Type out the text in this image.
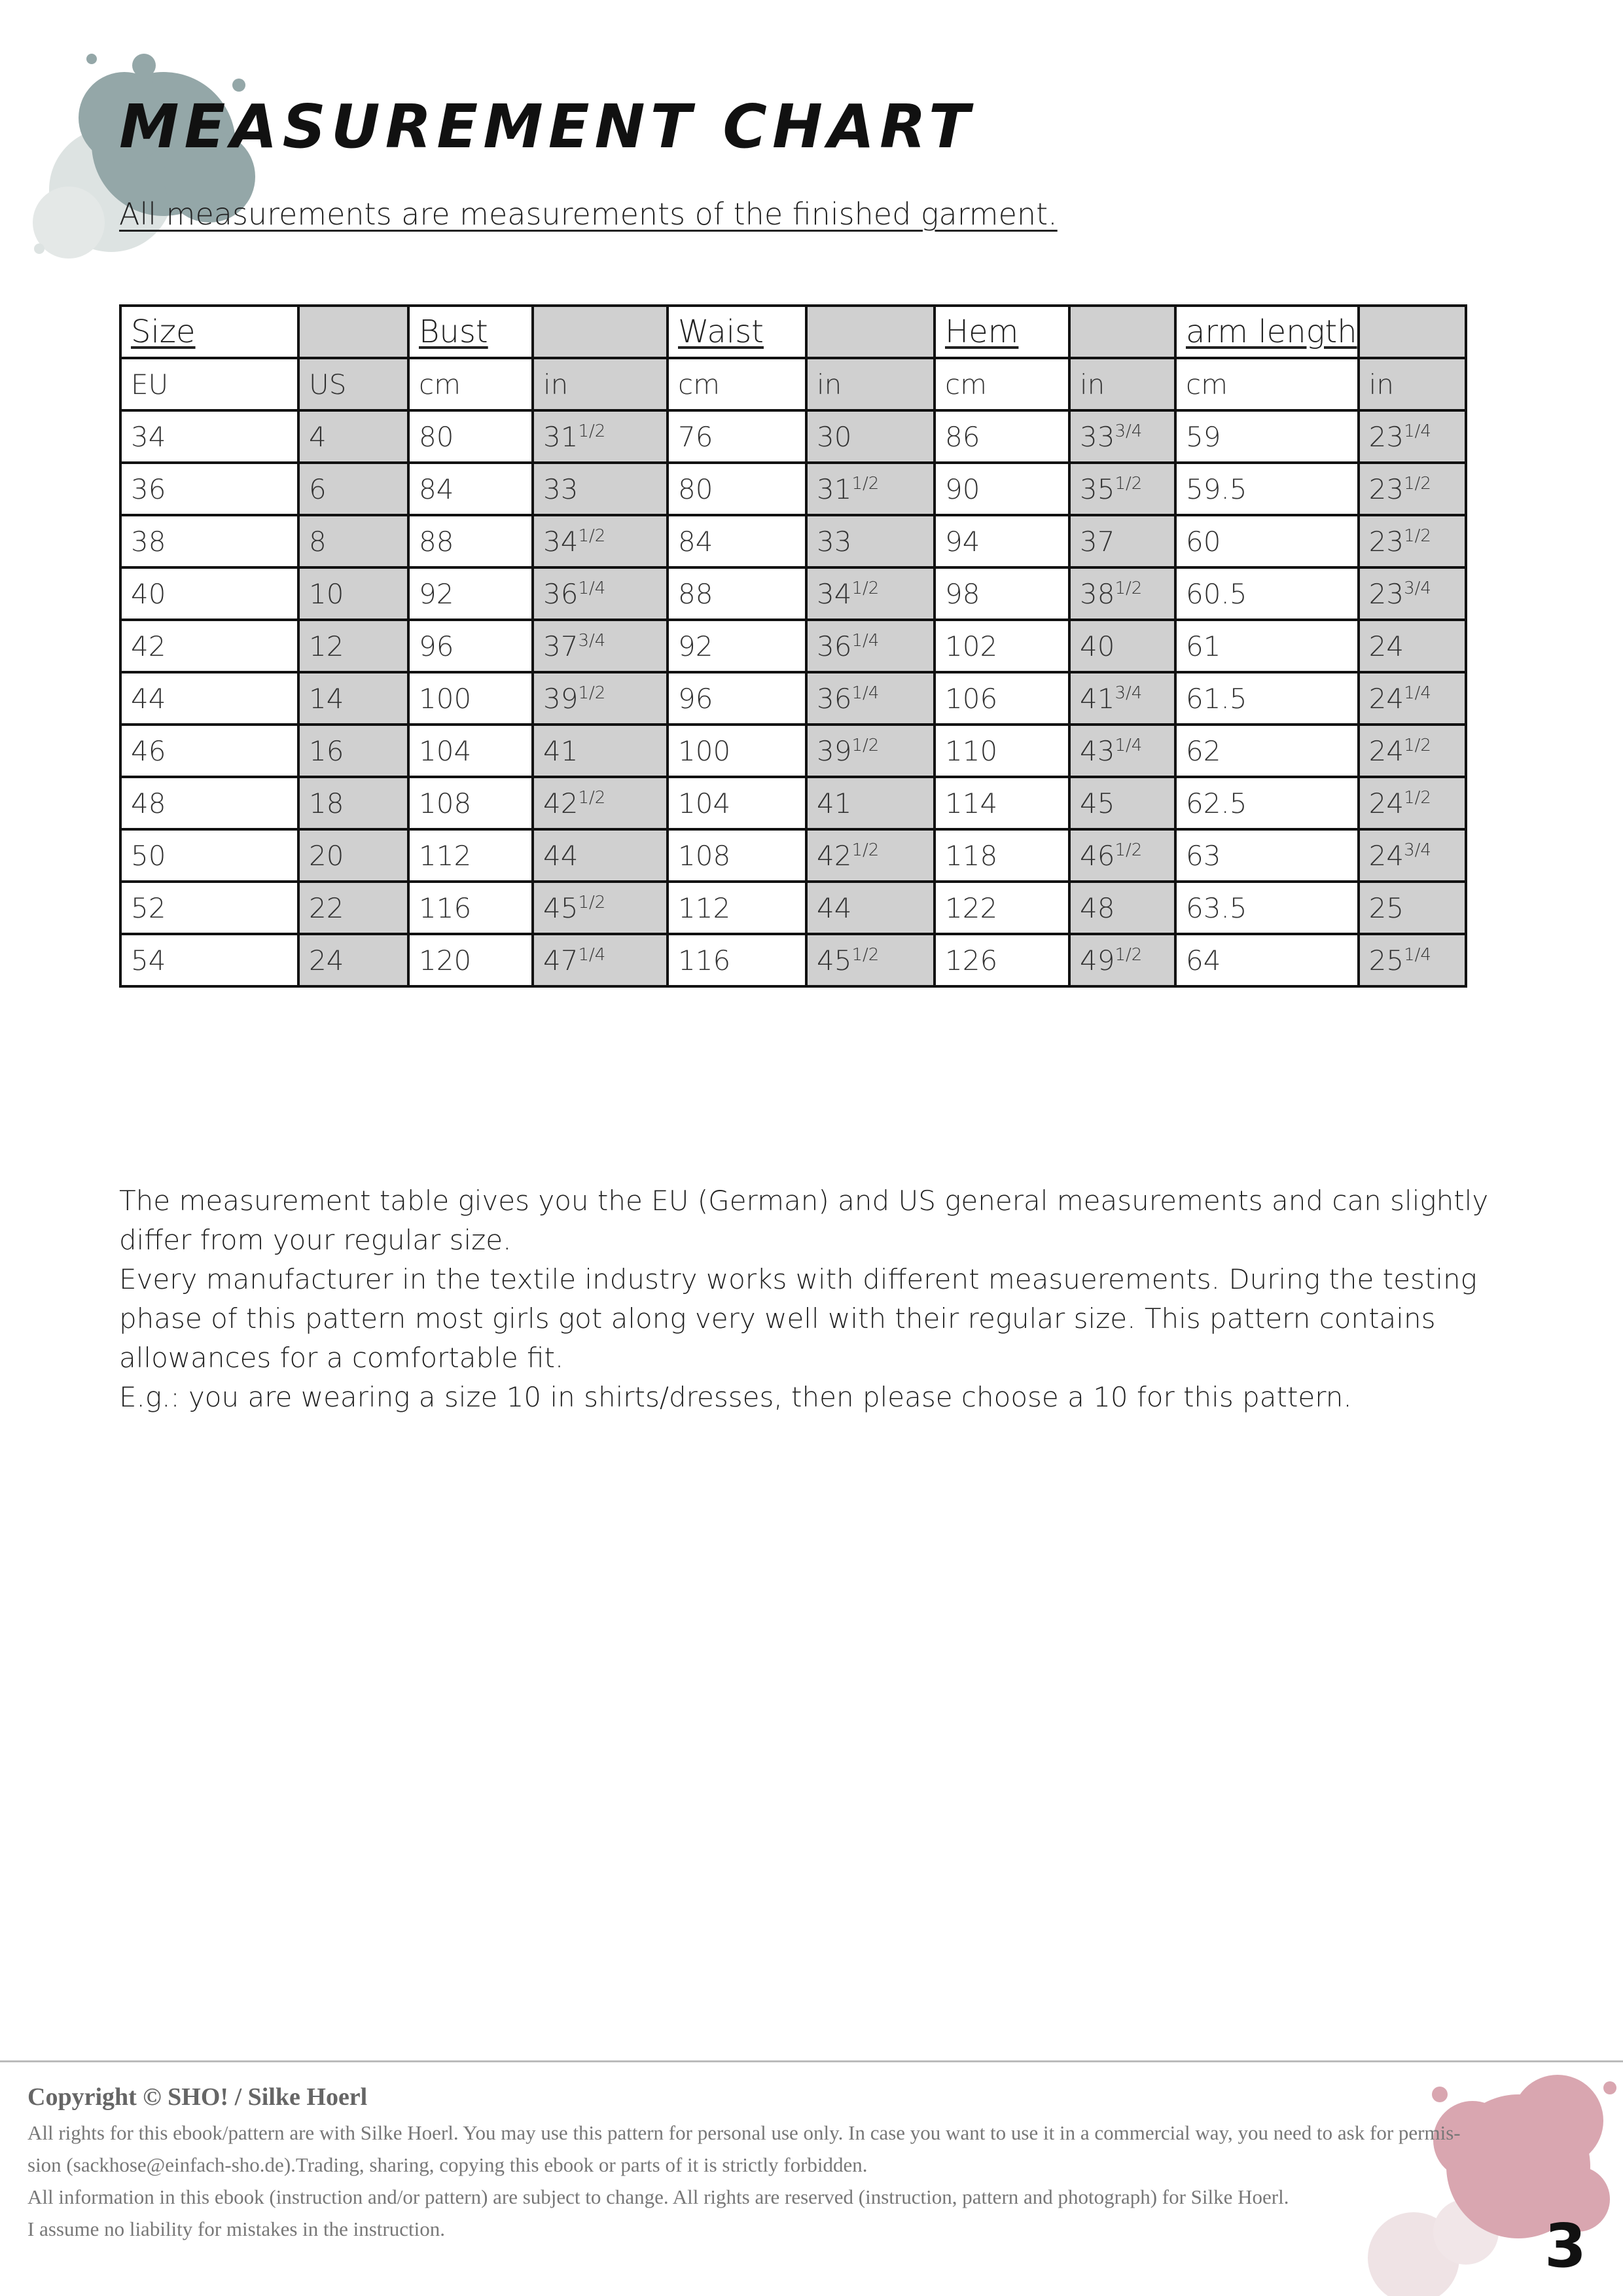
MEASUREMENT CHART

All measurements are measurements of the finished garment.

Size		Bust		Waist		Hem		arm length	
EU	US	cm	in	cm	in	cm	in	cm	in
34	4	80	$31^{1/2}$	76	30	86	$33^{3/4}$	59	$23^{1/4}$
36	6	84	33	80	$31^{1/2}$	90	$35^{1/2}$	59.5	$23^{1/2}$
38	8	88	$34^{1/2}$	84	33	94	37	60	$23^{1/2}$
40	10	92	$36^{1/4}$	88	$34^{1/2}$	98	$38^{1/2}$	60.5	$23^{3/4}$
42	12	96	$37^{3/4}$	92	$36^{1/4}$	102	40	61	24
44	14	100	$39^{1/2}$	96	$36^{1/4}$	106	$41^{3/4}$	61.5	$24^{1/4}$
46	16	104	41	100	$39^{1/2}$	110	$43^{1/4}$	62	$24^{1/2}$
48	18	108	$42^{1/2}$	104	41	114	45	62.5	$24^{1/2}$
50	20	112	44	108	$42^{1/2}$	118	$46^{1/2}$	63	$24^{3/4}$
52	22	116	$45^{1/2}$	112	44	122	48	63.5	25
54	24	120	$47^{1/4}$	116	$45^{1/2}$	126	$49^{1/2}$	64	$25^{1/4}$

The measurement table gives you the EU (German) and US general measurements and can slightly differ from your regular size.

Every manufacturer in the textile industry works with different measuerements. During the testing phase of this pattern most girls got along very well with their regular size. This pattern contains allowances for a comfortable fit.

E.g.: you are wearing a size 10 in shirts/dresses, then please choose a 10 for this pattern.

Copyright © SHO! / Silke Hoerl

All rights for this ebook/pattern are with Silke Hoerl. You may use this pattern for personal use only. In case you want to use it in a commercial way, you need to ask for permis-
sion (sackhose@einfach-sho.de).Trading, sharing, copying this ebook or parts of it is strictly forbidden.
All information in this ebook (instruction and/or pattern) are subject to change. All rights are reserved (instruction, pattern and photograph) for Silke Hoerl.
I assume no liability for mistakes in the instruction.	3
